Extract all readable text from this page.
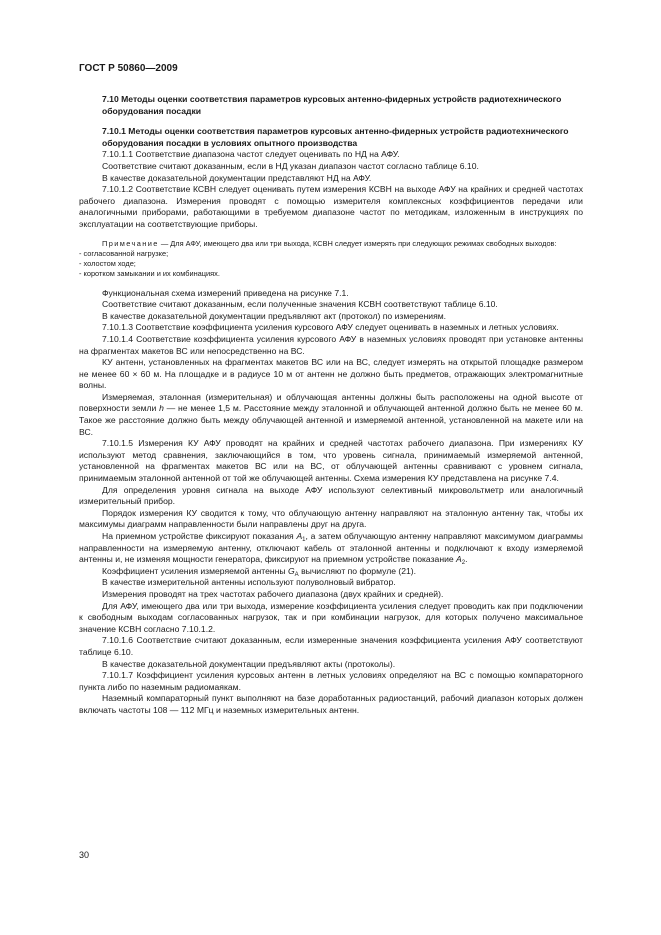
ГОСТ Р 50860—2009

7.10 Методы оценки соответствия параметров курсовых антенно-фидерных устройств радиотехнического оборудования посадки

7.10.1 Методы оценки соответствия параметров курсовых антенно-фидерных устройств радиотехнического оборудования посадки в условиях опытного производства

7.10.1.1 Соответствие диапазона частот следует оценивать по НД на АФУ.

Соответствие считают доказанным, если в НД указан диапазон частот согласно таблице 6.10.

В качестве доказательной документации представляют НД на АФУ.

7.10.1.2 Соответствие КСВН следует оценивать путем измерения КСВН на выходе АФУ на крайних и средней частотах рабочего диапазона. Измерения проводят с помощью измерителя комплексных коэффициентов передачи или аналогичными приборами, работающими в требуемом диапазоне частот по методикам, изложенным в инструкциях по эксплуатации на соответствующие приборы.

Примечание — Для АФУ, имеющего два или три выхода, КСВН следует измерять при следующих режимах свободных выходов:

- согласованной нагрузке;

- холостом ходе;

- коротком замыкании и их комбинациях.

Функциональная схема измерений приведена на рисунке 7.1.

Соответствие считают доказанным, если полученные значения КСВН соответствуют таблице 6.10.

В качестве доказательной документации предъявляют акт (протокол) по измерениям.

7.10.1.3 Соответствие коэффициента усиления курсового АФУ следует оценивать в наземных и летных условиях.

7.10.1.4 Соответствие коэффициента усиления курсового АФУ в наземных условиях проводят при установке антенны на фрагментах макетов ВС или непосредственно на ВС.

КУ антенн, установленных на фрагментах макетов ВС или на ВС, следует измерять на открытой площадке размером не менее 60 × 60 м. На площадке и в радиусе 10 м от антенн не должно быть предметов, отражающих электромагнитные волны.

Измеряемая, эталонная (измерительная) и облучающая антенны должны быть расположены на одной высоте от поверхности земли h — не менее 1,5 м. Расстояние между эталонной и облучающей антенной должно быть не менее 60 м. Такое же расстояние должно быть между облучающей антенной и измеряемой антенной, установленной на макете или на ВС.

7.10.1.5 Измерения КУ АФУ проводят на крайних и средней частотах рабочего диапазона. При измерениях КУ используют метод сравнения, заключающийся в том, что уровень сигнала, принимаемый измеряемой антенной, установленной на фрагментах макетов ВС или на ВС, от облучающей антенны сравнивают с уровнем сигнала, принимаемым эталонной антенной от той же облучающей антенны. Схема измерения КУ представлена на рисунке 7.4.

Для определения уровня сигнала на выходе АФУ используют селективный микровольтметр или аналогичный измерительный прибор.

Порядок измерения КУ сводится к тому, что облучающую антенну направляют на эталонную антенну так, чтобы их максимумы диаграмм направленности были направлены друг на друга.

На приемном устройстве фиксируют показания $A_1$, а затем облучающую антенну направляют максимумом диаграммы направленности на измеряемую антенну, отключают кабель от эталонной антенны и подключают к входу измеряемой антенны и, не изменяя мощности генератора, фиксируют на приемном устройстве показание $A_2$.

Коэффициент усиления измеряемой антенны $G_A$ вычисляют по формуле (21).

В качестве измерительной антенны используют полуволновый вибратор.

Измерения проводят на трех частотах рабочего диапазона (двух крайних и средней).

Для АФУ, имеющего два или три выхода, измерение коэффициента усиления следует проводить как при подключении к свободным выходам согласованных нагрузок, так и при комбинации нагрузок, для которых получено максимальное значение КСВН согласно 7.10.1.2.

7.10.1.6 Соответствие считают доказанным, если измеренные значения коэффициента усиления АФУ соответствуют таблице 6.10.

В качестве доказательной документации предъявляют акты (протоколы).

7.10.1.7 Коэффициент усиления курсовых антенн в летных условиях определяют на ВС с помощью компараторного пункта либо по наземным радиомаякам.

Наземный компараторный пункт выполняют на базе доработанных радиостанций, рабочий диапазон которых должен включать частоты 108 — 112 МГц и наземных измерительных антенн.

30
